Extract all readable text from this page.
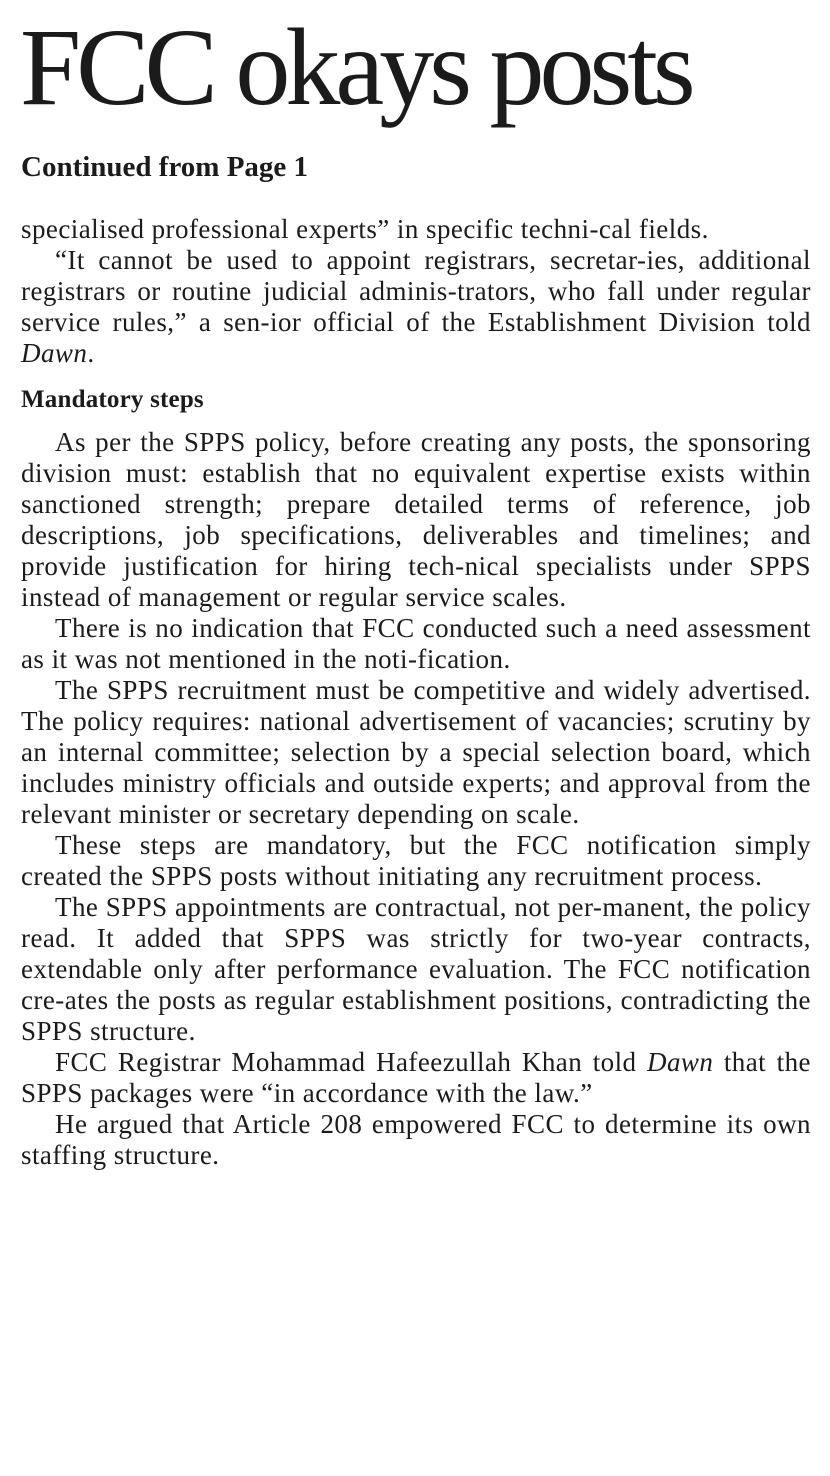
FCC okays posts
Continued from Page 1

specialised professional experts” in specific techni-cal fields.

“It cannot be used to appoint registrars, secretar-ies, additional registrars or routine judicial adminis-trators, who fall under regular service rules,” a sen-ior official of the Establishment Division told Dawn.

Mandatory steps

As per the SPPS policy, before creating any posts, the sponsoring division must: establish that no equivalent expertise exists within sanctioned strength; prepare detailed terms of reference, job descriptions, job specifications, deliverables and timelines; and provide justification for hiring tech-nical specialists under SPPS instead of management or regular service scales.

There is no indication that FCC conducted such a need assessment as it was not mentioned in the noti-fication.

The SPPS recruitment must be competitive and widely advertised. The policy requires: national advertisement of vacancies; scrutiny by an internal committee; selection by a special selection board, which includes ministry officials and outside experts; and approval from the relevant minister or secretary depending on scale.

These steps are mandatory, but the FCC notification simply created the SPPS posts without initiating any recruitment process.

The SPPS appointments are contractual, not per-manent, the policy read. It added that SPPS was strictly for two-year contracts, extendable only after performance evaluation. The FCC notification cre-ates the posts as regular establishment positions, contradicting the SPPS structure.

FCC Registrar Mohammad Hafeezullah Khan told Dawn that the SPPS packages were “in accordance with the law.”

He argued that Article 208 empowered FCC to determine its own staffing structure.
